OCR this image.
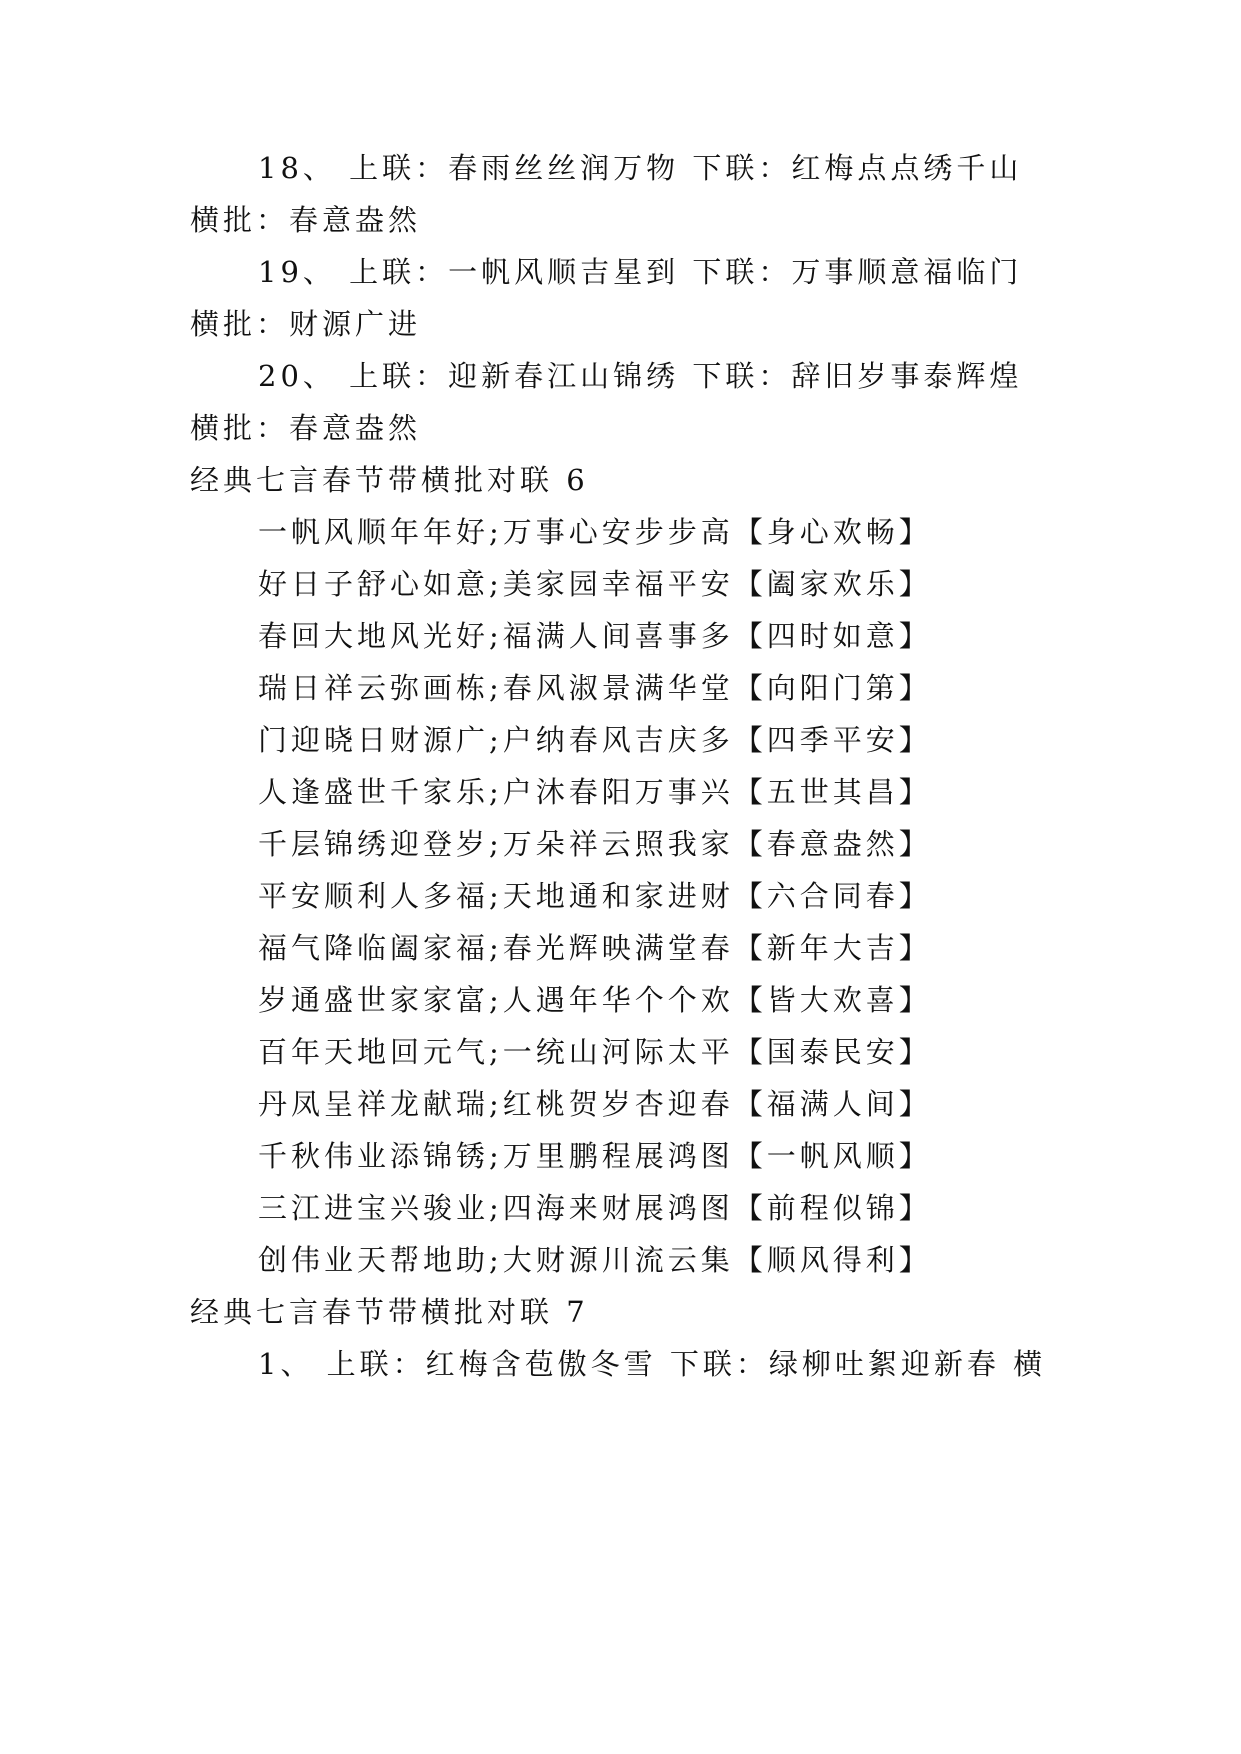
18、 上联：春雨丝丝润万物 下联：红梅点点绣千山
横批：春意盎然
19、 上联：一帆风顺吉星到 下联：万事顺意福临门
横批：财源广进
20、 上联：迎新春江山锦绣 下联：辞旧岁事泰辉煌
横批：春意盎然
经典七言春节带横批对联 6
一帆风顺年年好;万事心安步步高【身心欢畅】
好日子舒心如意;美家园幸福平安【阖家欢乐】
春回大地风光好;福满人间喜事多【四时如意】
瑞日祥云弥画栋;春风淑景满华堂【向阳门第】
门迎晓日财源广;户纳春风吉庆多【四季平安】
人逢盛世千家乐;户沐春阳万事兴【五世其昌】
千层锦绣迎登岁;万朵祥云照我家【春意盎然】
平安顺利人多福;天地通和家进财【六合同春】
福气降临阖家福;春光辉映满堂春【新年大吉】
岁通盛世家家富;人遇年华个个欢【皆大欢喜】
百年天地回元气;一统山河际太平【国泰民安】
丹凤呈祥龙献瑞;红桃贺岁杏迎春【福满人间】
千秋伟业添锦锈;万里鹏程展鸿图【一帆风顺】
三江进宝兴骏业;四海来财展鸿图【前程似锦】
创伟业天帮地助;大财源川流云集【顺风得利】
经典七言春节带横批对联 7
1、 上联：红梅含苞傲冬雪 下联：绿柳吐絮迎新春 横
